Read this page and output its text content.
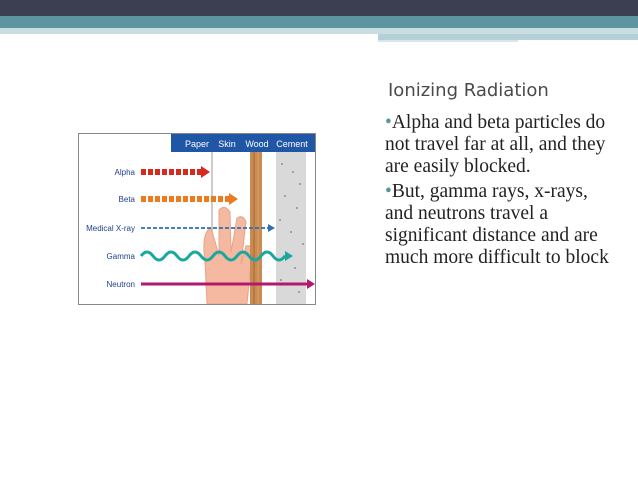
Ionizing Radiation

•Alpha and beta particles do not travel far at all, and they are easily blocked.

•But, gamma rays, x-rays, and neutrons travel a significant distance and are much more difficult to block

Paper Skin Wood Cement
Alpha
Beta
Medical X-ray
Gamma
Neutron
